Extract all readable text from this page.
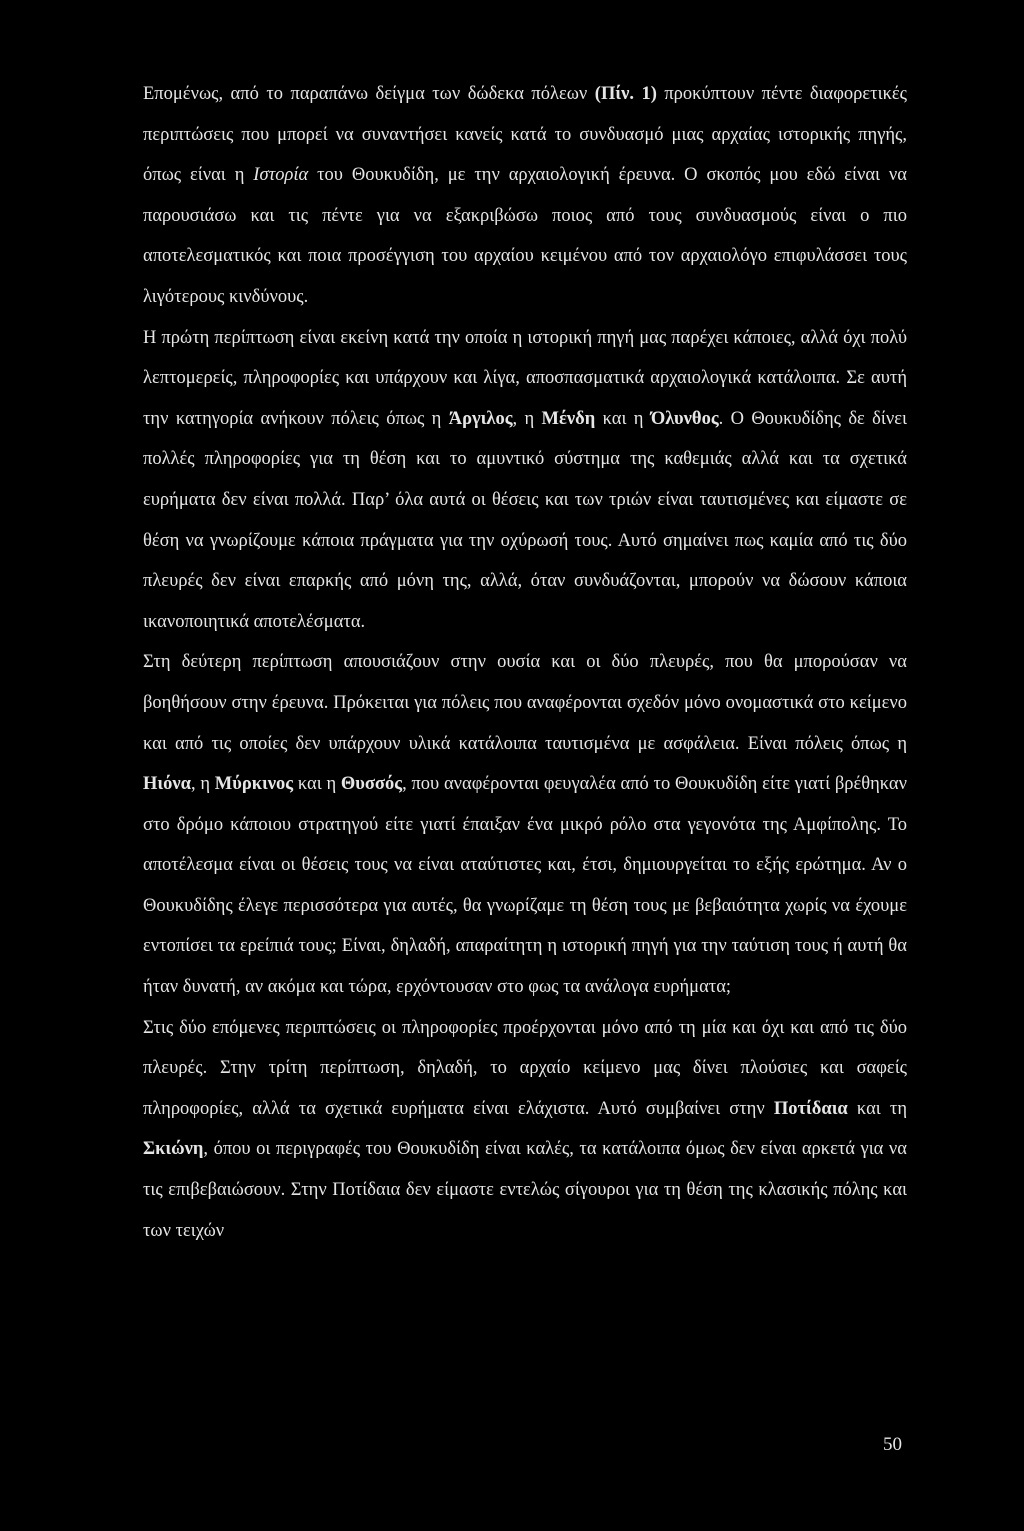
Επομένως, από το παραπάνω δείγμα των δώδεκα πόλεων (Πίν. 1) προκύπτουν πέντε διαφορετικές περιπτώσεις που μπορεί να συναντήσει κανείς κατά το συνδυασμό μιας αρχαίας ιστορικής πηγής, όπως είναι η Ιστορία του Θουκυδίδη, με την αρχαιολογική έρευνα. Ο σκοπός μου εδώ είναι να παρουσιάσω και τις πέντε για να εξακριβώσω ποιος από τους συνδυασμούς είναι ο πιο αποτελεσματικός και ποια προσέγγιση του αρχαίου κειμένου από τον αρχαιολόγο επιφυλάσσει τους λιγότερους κινδύνους.

Η πρώτη περίπτωση είναι εκείνη κατά την οποία η ιστορική πηγή μας παρέχει κάποιες, αλλά όχι πολύ λεπτομερείς, πληροφορίες και υπάρχουν και λίγα, αποσπασματικά αρχαιολογικά κατάλοιπα. Σε αυτή την κατηγορία ανήκουν πόλεις όπως η Άργιλος, η Μένδη και η Όλυνθος. Ο Θουκυδίδης δε δίνει πολλές πληροφορίες για τη θέση και το αμυντικό σύστημα της καθεμιάς αλλά και τα σχετικά ευρήματα δεν είναι πολλά. Παρ’ όλα αυτά οι θέσεις και των τριών είναι ταυτισμένες και είμαστε σε θέση να γνωρίζουμε κάποια πράγματα για την οχύρωσή τους. Αυτό σημαίνει πως καμία από τις δύο πλευρές δεν είναι επαρκής από μόνη της, αλλά, όταν συνδυάζονται, μπορούν να δώσουν κάποια ικανοποιητικά αποτελέσματα.

Στη δεύτερη περίπτωση απουσιάζουν στην ουσία και οι δύο πλευρές, που θα μπορούσαν να βοηθήσουν στην έρευνα. Πρόκειται για πόλεις που αναφέρονται σχεδόν μόνο ονομαστικά στο κείμενο και από τις οποίες δεν υπάρχουν υλικά κατάλοιπα ταυτισμένα με ασφάλεια. Είναι πόλεις όπως η Ηιόνα, η Μύρκινος και η Θυσσός, που αναφέρονται φευγαλέα από το Θουκυδίδη είτε γιατί βρέθηκαν στο δρόμο κάποιου στρατηγού είτε γιατί έπαιξαν ένα μικρό ρόλο στα γεγονότα της Αμφίπολης. Το αποτέλεσμα είναι οι θέσεις τους να είναι αταύτιστες και, έτσι, δημιουργείται το εξής ερώτημα. Αν ο Θουκυδίδης έλεγε περισσότερα για αυτές, θα γνωρίζαμε τη θέση τους με βεβαιότητα χωρίς να έχουμε εντοπίσει τα ερείπιά τους; Είναι, δηλαδή, απαραίτητη η ιστορική πηγή για την ταύτιση τους ή αυτή θα ήταν δυνατή, αν ακόμα και τώρα, ερχόντουσαν στο φως τα ανάλογα ευρήματα;

Στις δύο επόμενες περιπτώσεις οι πληροφορίες προέρχονται μόνο από τη μία και όχι και από τις δύο πλευρές. Στην τρίτη περίπτωση, δηλαδή, το αρχαίο κείμενο μας δίνει πλούσιες και σαφείς πληροφορίες, αλλά τα σχετικά ευρήματα είναι ελάχιστα. Αυτό συμβαίνει στην Ποτίδαια και τη Σκιώνη, όπου οι περιγραφές του Θουκυδίδη είναι καλές, τα κατάλοιπα όμως δεν είναι αρκετά για να τις επιβεβαιώσουν. Στην Ποτίδαια δεν είμαστε εντελώς σίγουροι για τη θέση της κλασικής πόλης και των τειχών

50
